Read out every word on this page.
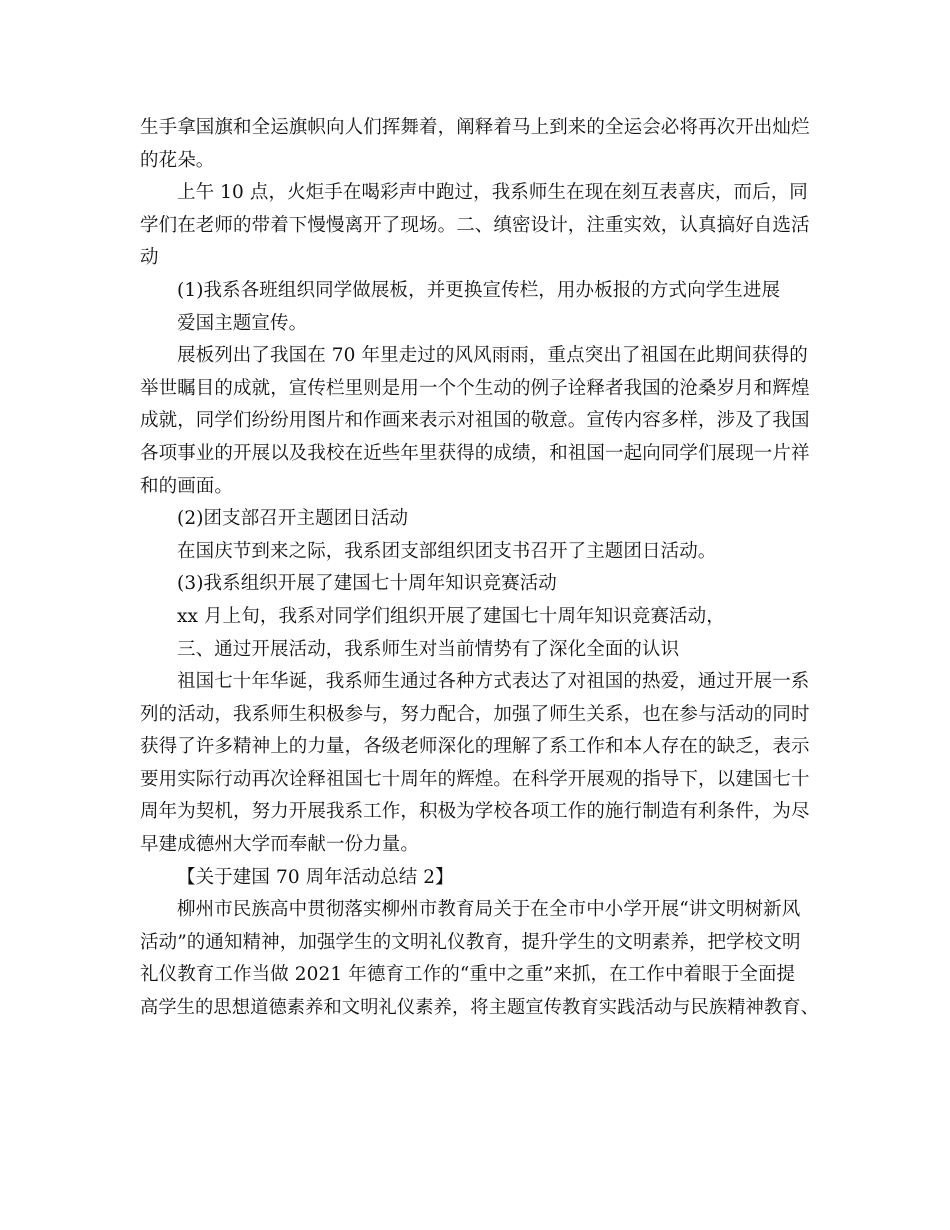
生手拿国旗和全运旗帜向人们挥舞着，阐释着马上到来的全运会必将再次开出灿烂

的花朵。

上午 10 点，火炬手在喝彩声中跑过，我系师生在现在刻互表喜庆，而后，同

学们在老师的带着下慢慢离开了现场。二、缜密设计，注重实效，认真搞好自选活

动

(1)我系各班组织同学做展板，并更换宣传栏，用办板报的方式向学生进展

爱国主题宣传。

展板列出了我国在 70 年里走过的风风雨雨，重点突出了祖国在此期间获得的

举世瞩目的成就，宣传栏里则是用一个个生动的例子诠释者我国的沧桑岁月和辉煌

成就，同学们纷纷用图片和作画来表示对祖国的敬意。宣传内容多样，涉及了我国

各项事业的开展以及我校在近些年里获得的成绩，和祖国一起向同学们展现一片祥

和的画面。

(2)团支部召开主题团日活动

在国庆节到来之际，我系团支部组织团支书召开了主题团日活动。

(3)我系组织开展了建国七十周年知识竞赛活动

xx 月上旬，我系对同学们组织开展了建国七十周年知识竞赛活动，

三、通过开展活动，我系师生对当前情势有了深化全面的认识

祖国七十年华诞，我系师生通过各种方式表达了对祖国的热爱，通过开展一系

列的活动，我系师生积极参与，努力配合，加强了师生关系，也在参与活动的同时

获得了许多精神上的力量，各级老师深化的理解了系工作和本人存在的缺乏，表示

要用实际行动再次诠释祖国七十周年的辉煌。在科学开展观的指导下，以建国七十

周年为契机，努力开展我系工作，积极为学校各项工作的施行制造有利条件，为尽

早建成德州大学而奉献一份力量。

【关于建国 70 周年活动总结 2】

柳州市民族高中贯彻落实柳州市教育局关于在全市中小学开展“讲文明树新风

活动”的通知精神，加强学生的文明礼仪教育，提升学生的文明素养，把学校文明

礼仪教育工作当做 2021 年德育工作的“重中之重”来抓，在工作中着眼于全面提

高学生的思想道德素养和文明礼仪素养，将主题宣传教育实践活动与民族精神教育、
